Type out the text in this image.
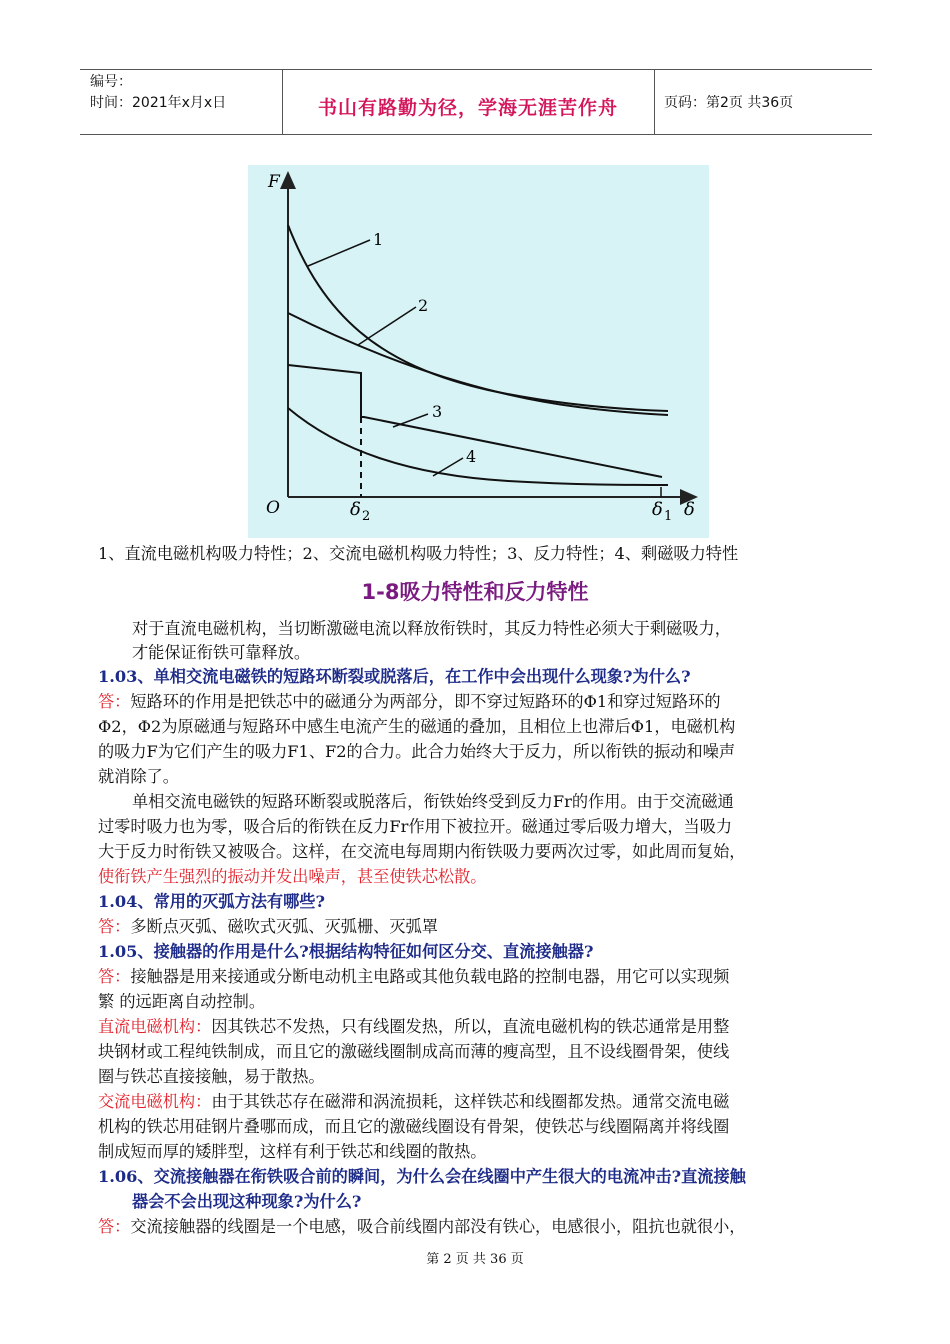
编号：
时间：2021年x月x日	书山有路勤为径，学海无涯苦作舟	页码：第2页 共36页
1
2
3
4
F
O	δ 2	δ 1 δ

1、直流电磁机构吸力特性；2、交流电磁机构吸力特性；3、反力特性；4、剩磁吸力特性

1-8吸力特性和反力特性

对于直流电磁机构，当切断激磁电流以释放衔铁时，其反力特性必须大于剩磁吸力，

才能保证衔铁可靠释放。

1.03、单相交流电磁铁的短路环断裂或脱落后，在工作中会出现什么现象?为什么?

答：短路环的作用是把铁芯中的磁通分为两部分，即不穿过短路环的Φ1和穿过短路环的

Φ2，Φ2为原磁通与短路环中感生电流产生的磁通的叠加，且相位上也滞后Φ1，电磁机构

的吸力F为它们产生的吸力F1、F2的合力。此合力始终大于反力，所以衔铁的振动和噪声

就消除了。

单相交流电磁铁的短路环断裂或脱落后，衔铁始终受到反力Fr的作用。由于交流磁通

过零时吸力也为零，吸合后的衔铁在反力Fr作用下被拉开。磁通过零后吸力增大，当吸力

大于反力时衔铁又被吸合。这样，在交流电每周期内衔铁吸力要两次过零，如此周而复始，

使衔铁产生强烈的振动并发出噪声，甚至使铁芯松散。

1.04、常用的灭弧方法有哪些?

答：多断点灭弧、磁吹式灭弧、灭弧栅、灭弧罩

1.05、接触器的作用是什么?根据结构特征如何区分交、直流接触器?

答：接触器是用来接通或分断电动机主电路或其他负载电路的控制电器，用它可以实现频

繁 的远距离自动控制。

直流电磁机构：因其铁芯不发热，只有线圈发热，所以，直流电磁机构的铁芯通常是用整

块钢材或工程纯铁制成，而且它的激磁线圈制成高而薄的瘦高型，且不设线圈骨架，使线

圈与铁芯直接接触，易于散热。

交流电磁机构：由于其铁芯存在磁滞和涡流损耗，这样铁芯和线圈都发热。通常交流电磁

机构的铁芯用硅钢片叠哪而成，而且它的激磁线圈设有骨架，使铁芯与线圈隔离并将线圈

制成短而厚的矮胖型，这样有利于铁芯和线圈的散热。

1.06、交流接触器在衔铁吸合前的瞬间，为什么会在线圈中产生很大的电流冲击?直流接触

器会不会出现这种现象?为什么?

答：交流接触器的线圈是一个电感，吸合前线圈内部没有铁心，电感很小，阻抗也就很小，

第 2 页 共 36 页
